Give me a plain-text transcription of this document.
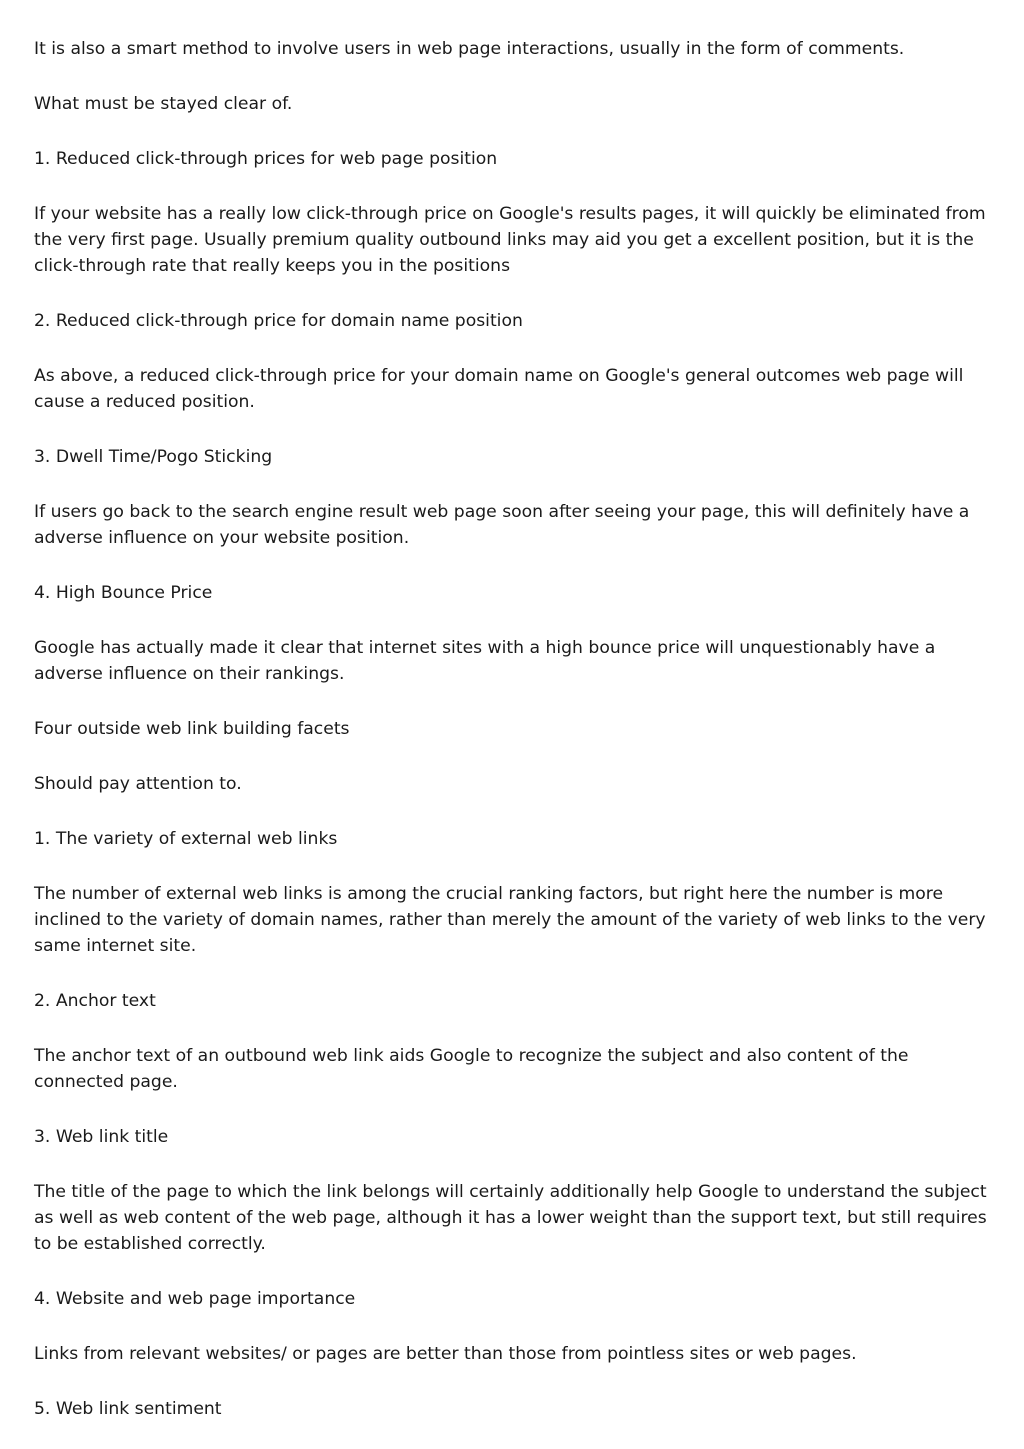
It is also a smart method to involve users in web page interactions, usually in the form of comments.

What must be stayed clear of.

1. Reduced click-through prices for web page position

If your website has a really low click-through price on Google's results pages, it will quickly be eliminated from the very first page. Usually premium quality outbound links may aid you get a excellent position, but it is the click-through rate that really keeps you in the positions

2. Reduced click-through price for domain name position

As above, a reduced click-through price for your domain name on Google's general outcomes web page will cause a reduced position.

3. Dwell Time/Pogo Sticking

If users go back to the search engine result web page soon after seeing your page, this will definitely have a adverse influence on your website position.

4. High Bounce Price

Google has actually made it clear that internet sites with a high bounce price will unquestionably have a adverse influence on their rankings.

Four outside web link building facets

Should pay attention to.

1. The variety of external web links

The number of external web links is among the crucial ranking factors, but right here the number is more inclined to the variety of domain names, rather than merely the amount of the variety of web links to the very same internet site.

2. Anchor text

The anchor text of an outbound web link aids Google to recognize the subject and also content of the connected page.

3. Web link title

The title of the page to which the link belongs will certainly additionally help Google to understand the subject as well as web content of the web page, although it has a lower weight than the support text, but still requires to be established correctly.

4. Website and web page importance

Links from relevant websites/ or pages are better than those from pointless sites or web pages.

5. Web link sentiment
